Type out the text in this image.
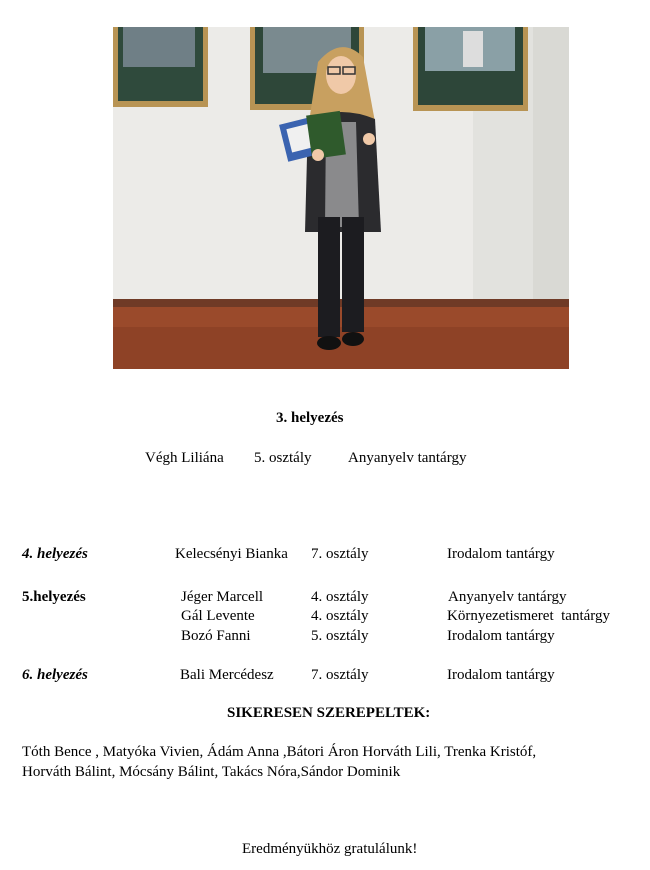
3. helyezés
Végh Liliána 5. osztály Anyanyelv tantárgy
4. helyezés	Kelecsényi Bianka 7. osztály	Irodalom tantárgy
5.helyezés	Jéger Marcell	4. osztály	Anyanyelv tantárgy
Gál Levente	4. osztály	Környezetismeret  tantárgy
Bozó Fanni	5. osztály	Irodalom tantárgy
6. helyezés	Bali Mercédesz 7. osztály	Irodalom tantárgy
SIKERESEN SZEREPELTEK:
Tóth Bence , Matyóka Vivien, Ádám Anna ,Bátori Áron Horváth Lili, Trenka Kristóf,
Horváth Bálint, Mócsány Bálint, Takács Nóra,Sándor Dominik
Eredményükhöz gratulálunk!
